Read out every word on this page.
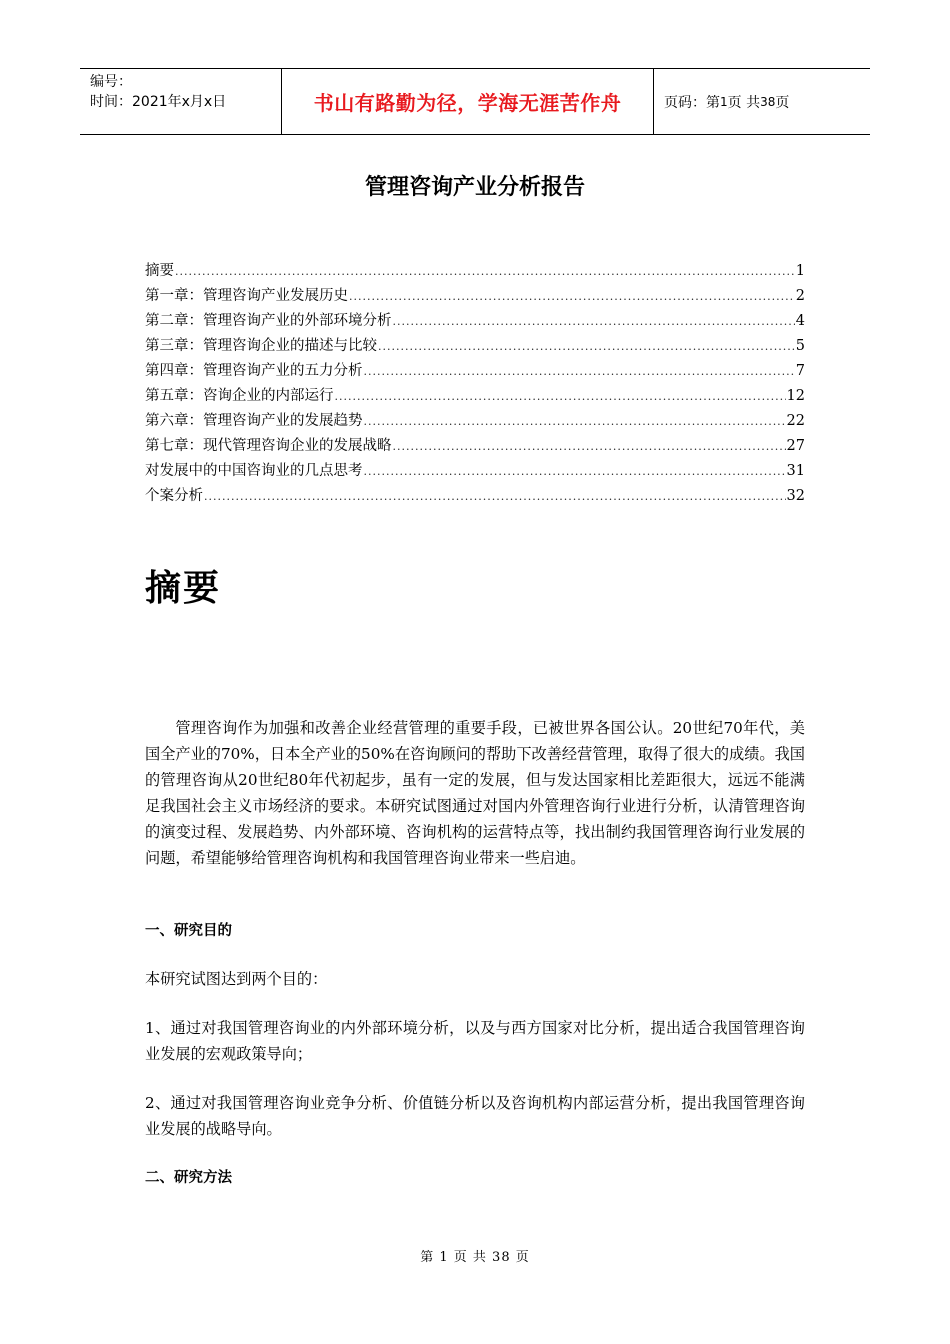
编号：
时间：2021年x月x日	书山有路勤为径，学海无涯苦作舟	页码：第 1 页 共 38 页
管理咨询产业分析报告
摘要 .....	1
第一章：管理咨询产业发展历史 .....	2
第二章：管理咨询产业的外部环境分析 .....	4
第三章：管理咨询企业的描述与比较 .....	5
第四章：管理咨询产业的五力分析 .....	7
第五章：咨询企业的内部运行 .....	12
第六章：管理咨询产业的发展趋势 .....	22
第七章：现代管理咨询企业的发展战略 .....	27
对发展中的中国咨询业的几点思考 .....	31
个案分析 .....	32
摘要
管理咨询作为加强和改善企业经营管理的重要手段，已被世界各国公认。20世纪70年代，美国全产业的70%，日本全产业的50%在咨询顾问的帮助下改善经营管理，取得了很大的成绩。我国的管理咨询从20世纪80年代初起步，虽有一定的发展，但与发达国家相比差距很大，远远不能满足我国社会主义市场经济的要求。本研究试图通过对国内外管理咨询行业进行分析，认清管理咨询的演变过程、发展趋势、内外部环境、咨询机构的运营特点等，找出制约我国管理咨询行业发展的问题，希望能够给管理咨询机构和我国管理咨询业带来一些启迪。
一、研究目的
本研究试图达到两个目的：
1、通过对我国管理咨询业的内外部环境分析，以及与西方国家对比分析，提出适合我国管理咨询业发展的宏观政策导向；
2、通过对我国管理咨询业竞争分析、价值链分析以及咨询机构内部运营分析，提出我国管理咨询业发展的战略导向。
二、研究方法
第 1 页 共 38 页
